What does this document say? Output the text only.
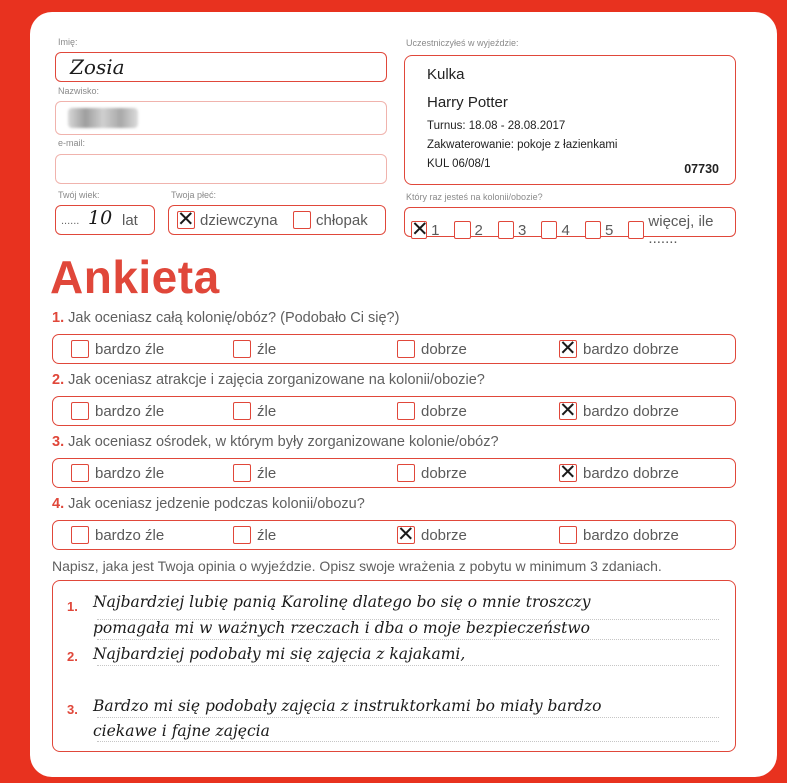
Imię:
Zosia
Nazwisko:
e-mail:
Twój wiek:
...... 10 lat
Twoja płeć:
✕
dziewczyna	chłopak
Uczestniczyłeś w wyjeździe:
Kulka
Harry Potter
Turnus: 18.08 - 28.08.2017
Zakwaterowanie: pokoje z łazienkami
KUL 06/08/1	07730
Który raz jesteś na kolonii/obozie?
✕
1 2 3 4 5 więcej, ile .......
Ankieta
1. Jak oceniasz całą kolonię/obóz? (Podobało Ci się?)
bardzo źle	źle	dobrze ✕	bardzo dobrze
2. Jak oceniasz atrakcje i zajęcia zorganizowane na kolonii/obozie?
bardzo źle	źle	dobrze ✕	bardzo dobrze
3. Jak oceniasz ośrodek, w którym były zorganizowane kolonie/obóz?
bardzo źle	źle	dobrze ✕	bardzo dobrze
4. Jak oceniasz jedzenie podczas kolonii/obozu?
bardzo źle	źle ✕	dobrze	bardzo dobrze
Napisz, jaka jest Twoja opinia o wyjeździe. Opisz swoje wrażenia z pobytu w minimum 3 zdaniach.
1. Najbardziej lubię panią Karolinę dlatego bo się o mnie troszczy
pomagała mi w ważnych rzeczach i dba o moje bezpieczeństwo
2. Najbardziej podobały mi się zajęcia z kajakami,
3. Bardzo mi się podobały zajęcia z instruktorkami bo miały bardzo
ciekawe i fajne zajęcia
